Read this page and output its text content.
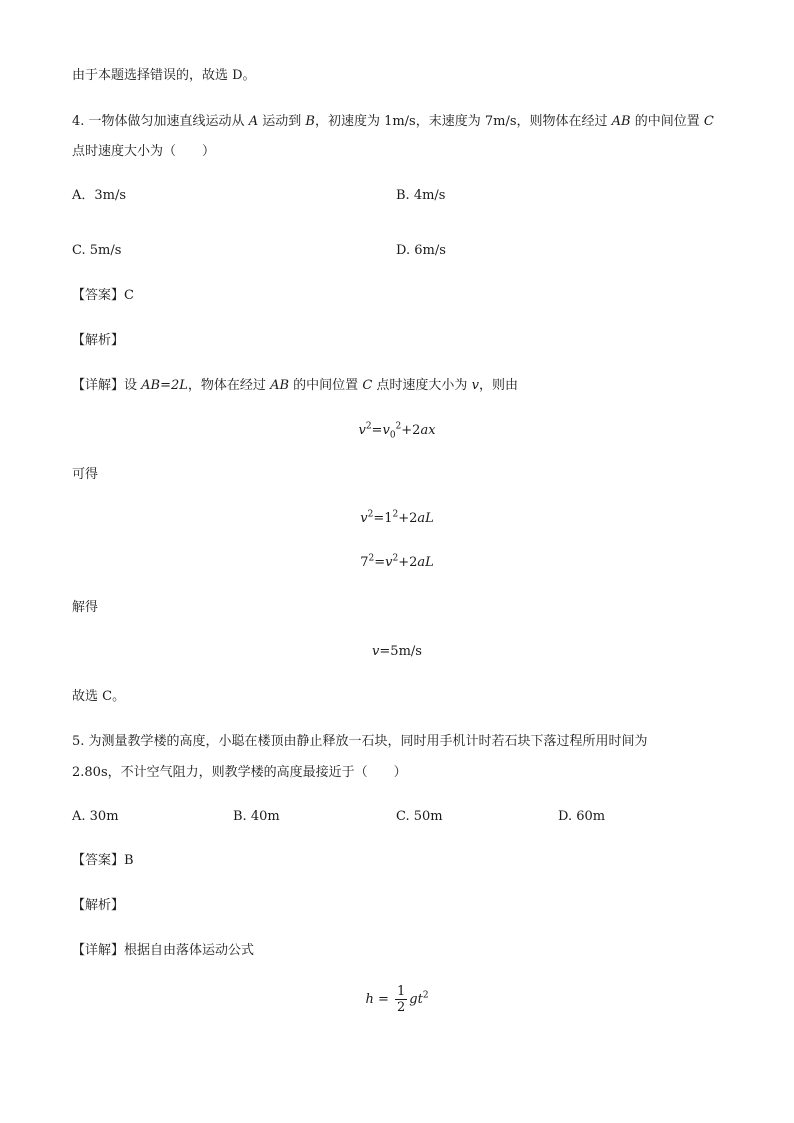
由于本题选择错误的，故选 D。
4. 一物体做匀加速直线运动从 A 运动到 B，初速度为 1m/s，末速度为 7m/s，则物体在经过 AB 的中间位置 C
点时速度大小为（　　）
A．3m/s	B. 4m/s
C. 5m/s	D. 6m/s
【答案】C
【解析】
【详解】设 AB=2L，物体在经过 AB 的中间位置 C 点时速度大小为 v，则由
$v^2=v_0^2+2ax$
可得
$v^2=1^2+2aL$
$7^2=v^2+2aL$
解得
v=5m/s
故选 C。
5. 为测量教学楼的高度，小聪在楼顶由静止释放一石块，同时用手机计时若石块下落过程所用时间为
2.80s，不计空气阻力，则教学楼的高度最接近于（　　）
A. 30m	B. 40m	C. 50m	D. 60m
【答案】B
【解析】
【详解】根据自由落体运动公式
$h = \frac{1}{2} gt^2$
